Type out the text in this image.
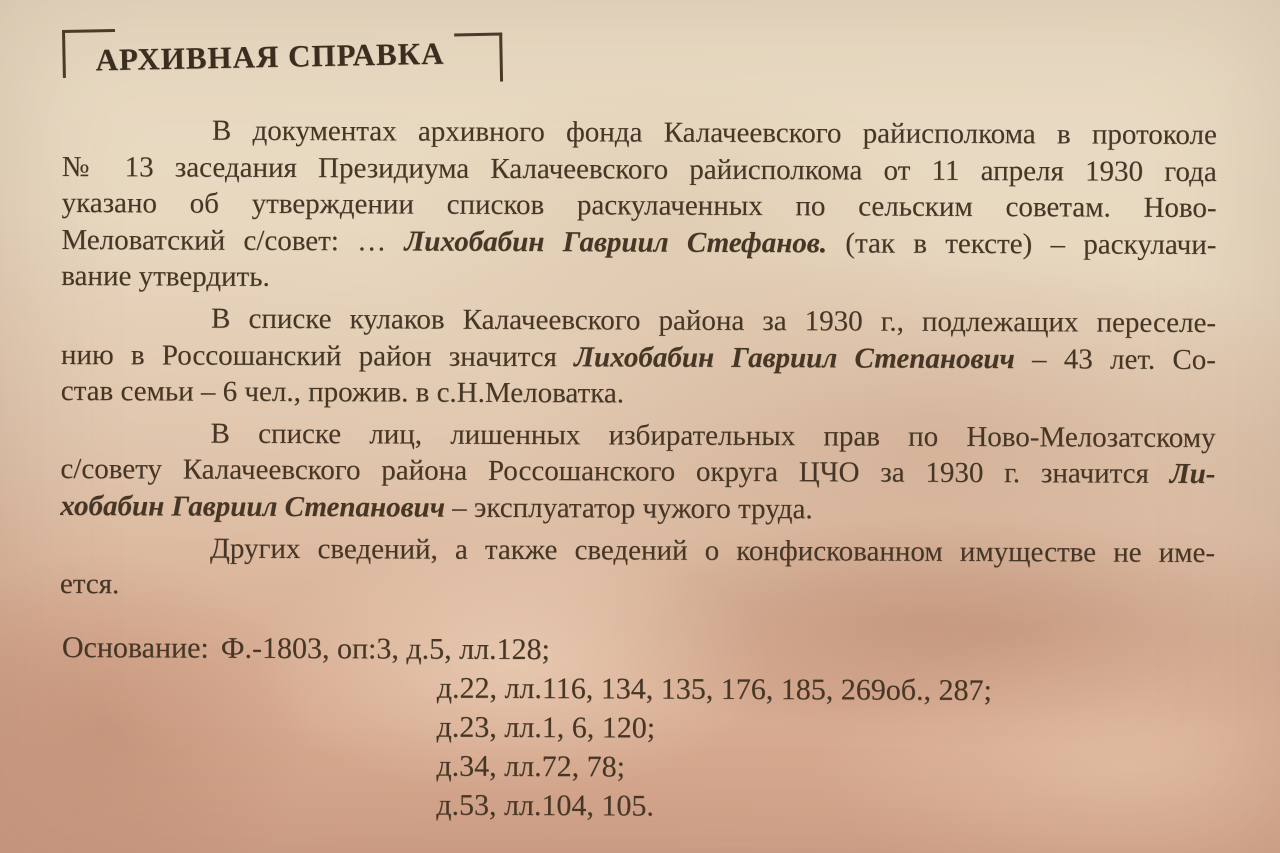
АРХИВНАЯ СПРАВКА
В документах архивного фонда Калачеевского райисполкома в протоколе
№ 13 заседания Президиума Калачеевского райисполкома от 11 апреля 1930 года
указано об утверждении списков раскулаченных по сельским советам. Ново-
Меловатский с/совет: … Лихобабин Гавриил Стефанов. (так в тексте) – раскулачи-
вание утвердить.
В списке кулаков Калачеевского района за 1930 г., подлежащих переселе-
нию в Россошанский район значится Лихобабин Гавриил Степанович – 43 лет. Со-
став семьи – 6 чел., прожив. в с.Н.Меловатка.
В списке лиц, лишенных избирательных прав по Ново-Мелозатскому
с/совету Калачеевского района Россошанского округа ЦЧО за 1930 г. значится Ли-
хобабин Гавриил Степанович – эксплуататор чужого труда.
Других сведений, а также сведений о конфискованном имуществе не име-
ется.
Основание: Ф.-1803, оп:3, д.5, лл.128;
д.22, лл.116, 134, 135, 176, 185, 269об., 287;
д.23, лл.1, 6, 120;
д.34, лл.72, 78;
д.53, лл.104, 105.
